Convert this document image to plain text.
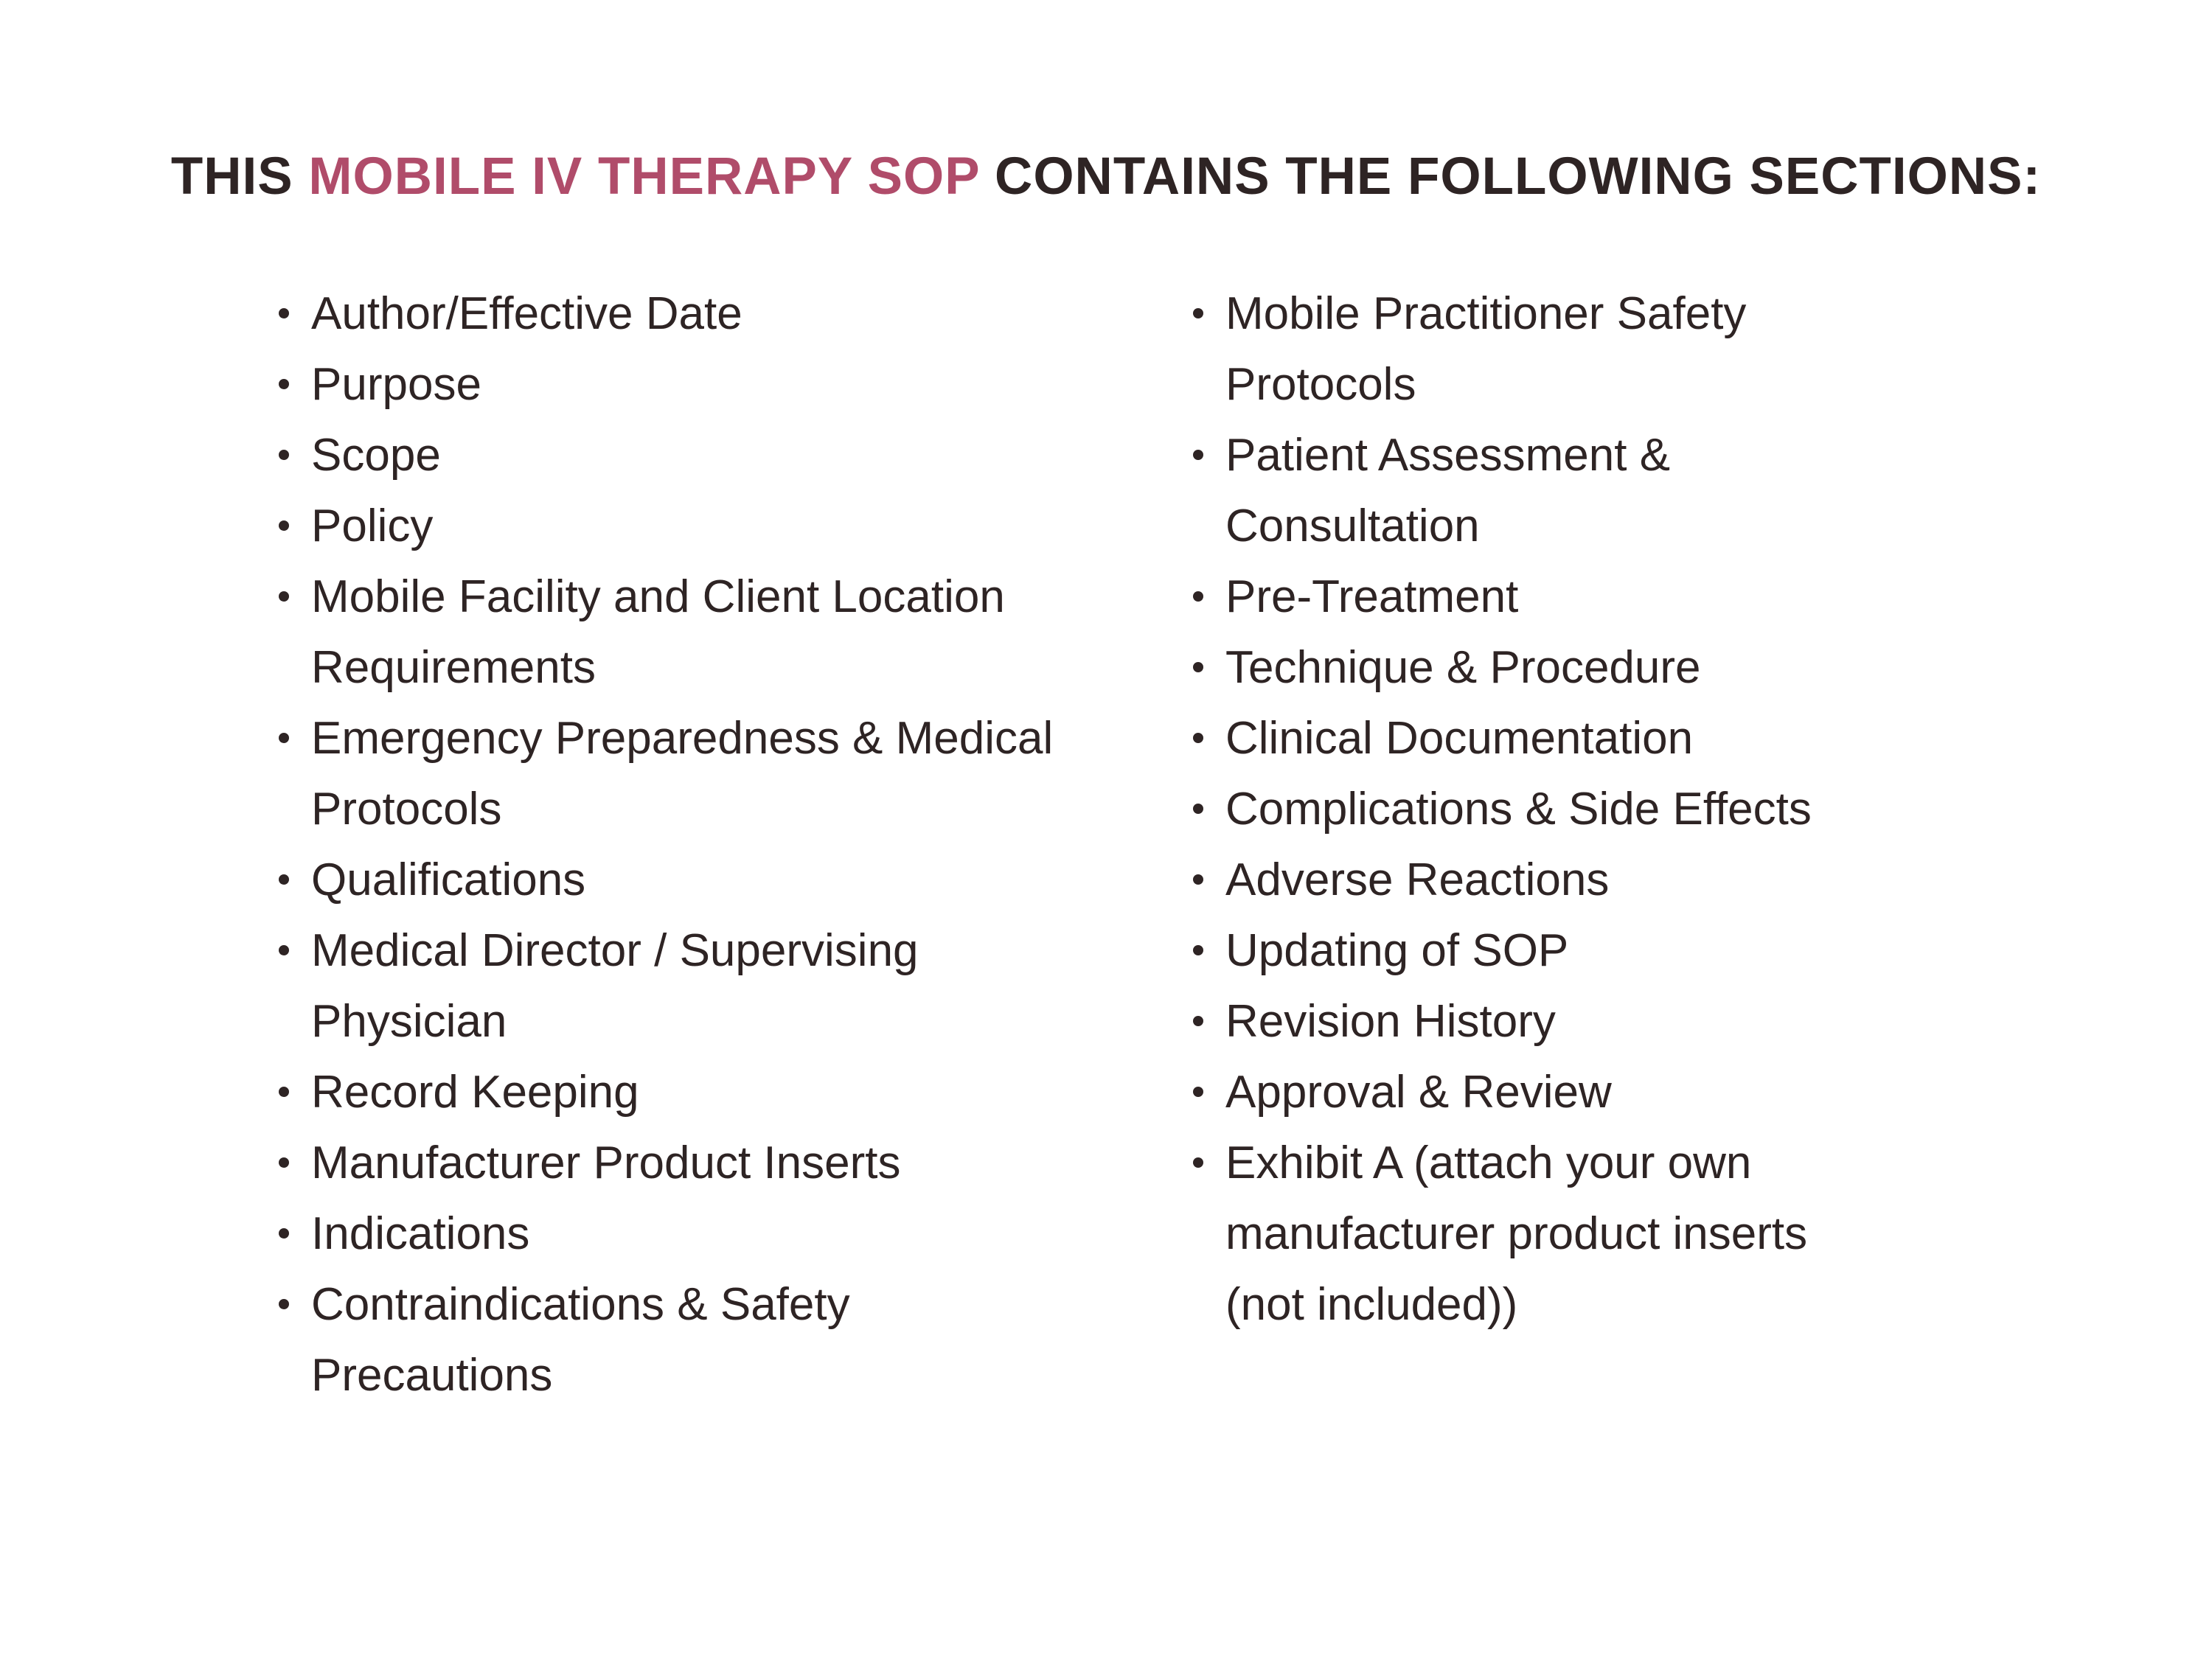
THIS MOBILE IV THERAPY SOP CONTAINS THE FOLLOWING SECTIONS:
Author/Effective Date
Purpose
Scope
Policy
Mobile Facility and Client Location
Requirements
Emergency Preparedness & Medical
Protocols
Qualifications
Medical Director / Supervising
Physician
Record Keeping
Manufacturer Product Inserts
Indications
Contraindications & Safety
Precautions
Mobile Practitioner Safety
Protocols
Patient Assessment &
Consultation
Pre-Treatment
Technique & Procedure
Clinical Documentation
Complications & Side Effects
Adverse Reactions
Updating of SOP
Revision History
Approval & Review
Exhibit A (attach your own
manufacturer product inserts
(not included))
